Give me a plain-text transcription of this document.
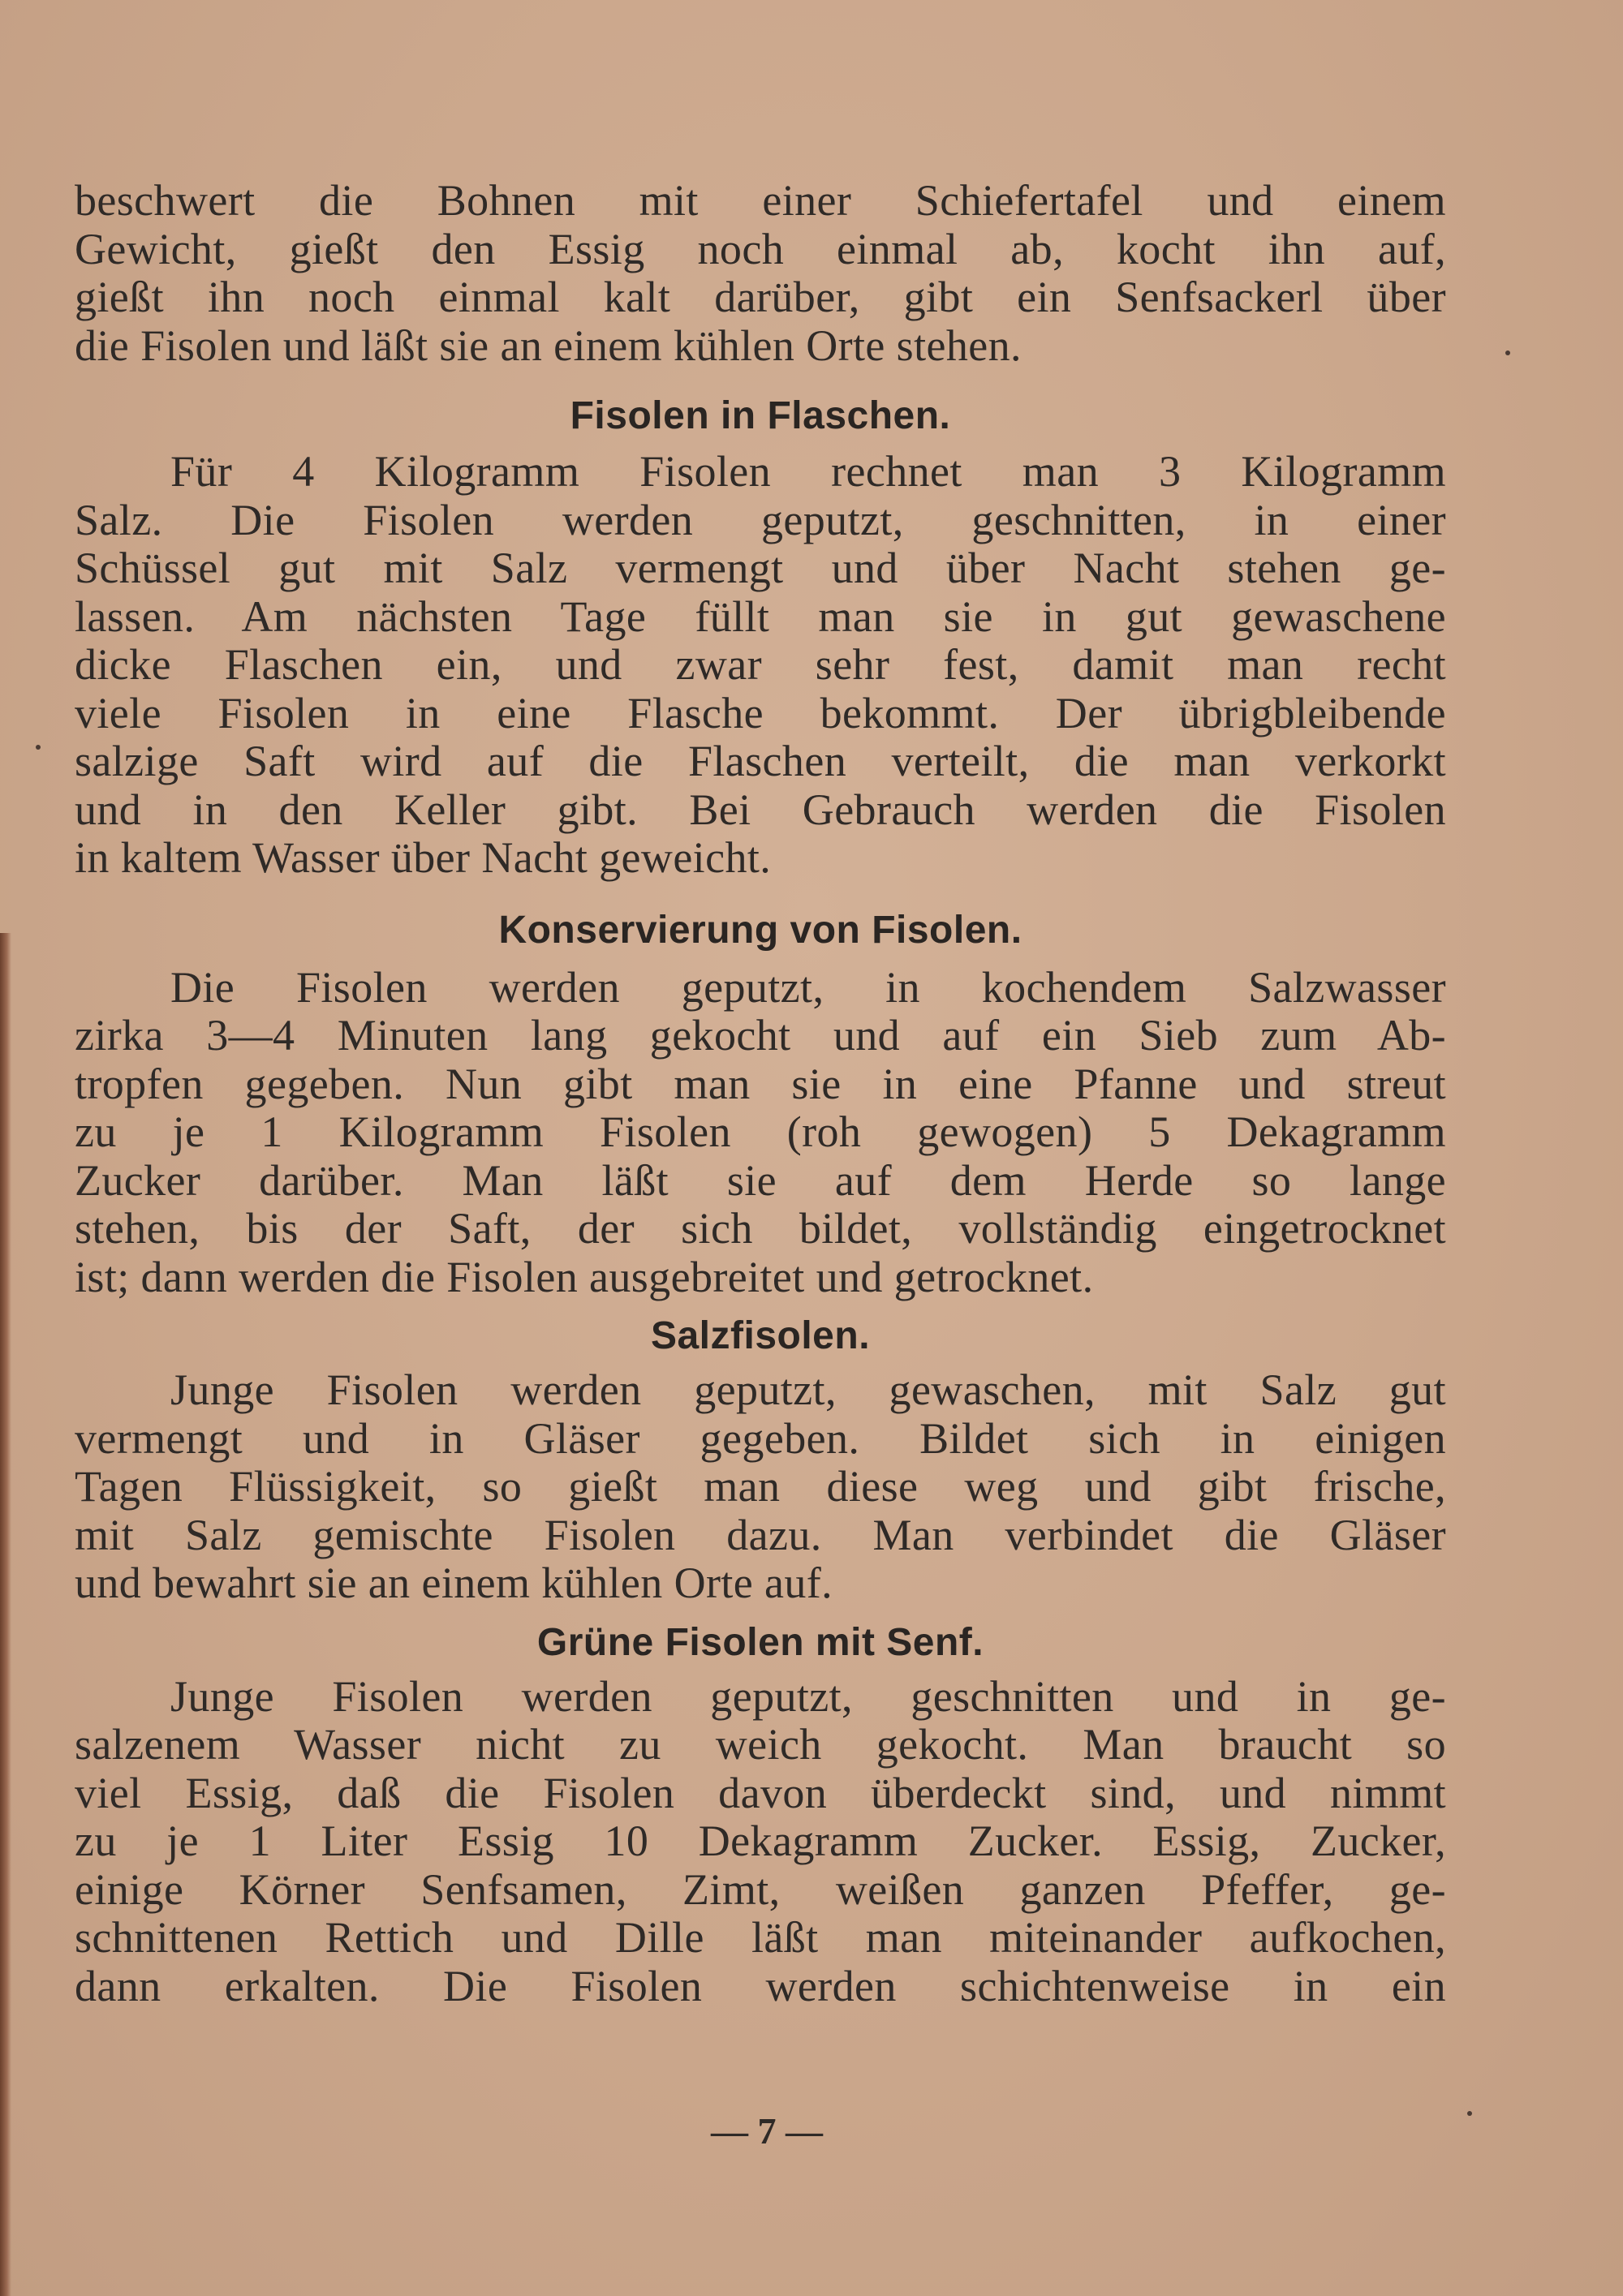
beschwert die Bohnen mit einer Schiefertafel und einem
Gewicht, gießt den Essig noch einmal ab, kocht ihn auf,
gießt ihn noch einmal kalt darüber, gibt ein Senfsackerl über
die Fisolen und läßt sie an einem kühlen Orte stehen.

Fisolen in Flaschen.

Für 4 Kilogramm Fisolen rechnet man 3 Kilogramm
Salz. Die Fisolen werden geputzt, geschnitten, in einer
Schüssel gut mit Salz vermengt und über Nacht stehen ge-
lassen. Am nächsten Tage füllt man sie in gut gewaschene
dicke Flaschen ein, und zwar sehr fest, damit man recht
viele Fisolen in eine Flasche bekommt. Der übrigbleibende
salzige Saft wird auf die Flaschen verteilt, die man verkorkt
und in den Keller gibt. Bei Gebrauch werden die Fisolen
in kaltem Wasser über Nacht geweicht.

Konservierung von Fisolen.

Die Fisolen werden geputzt, in kochendem Salzwasser
zirka 3—4 Minuten lang gekocht und auf ein Sieb zum Ab-
tropfen gegeben. Nun gibt man sie in eine Pfanne und streut
zu je 1 Kilogramm Fisolen (roh gewogen) 5 Dekagramm
Zucker darüber. Man läßt sie auf dem Herde so lange
stehen, bis der Saft, der sich bildet, vollständig eingetrocknet
ist; dann werden die Fisolen ausgebreitet und getrocknet.

Salzfisolen.

Junge Fisolen werden geputzt, gewaschen, mit Salz gut
vermengt und in Gläser gegeben. Bildet sich in einigen
Tagen Flüssigkeit, so gießt man diese weg und gibt frische,
mit Salz gemischte Fisolen dazu. Man verbindet die Gläser
und bewahrt sie an einem kühlen Orte auf.

Grüne Fisolen mit Senf.

Junge Fisolen werden geputzt, geschnitten und in ge-
salzenem Wasser nicht zu weich gekocht. Man braucht so
viel Essig, daß die Fisolen davon überdeckt sind, und nimmt
zu je 1 Liter Essig 10 Dekagramm Zucker. Essig, Zucker,
einige Körner Senfsamen, Zimt, weißen ganzen Pfeffer, ge-
schnittenen Rettich und Dille läßt man miteinander aufkochen,
dann erkalten. Die Fisolen werden schichtenweise in ein

— 7 —
